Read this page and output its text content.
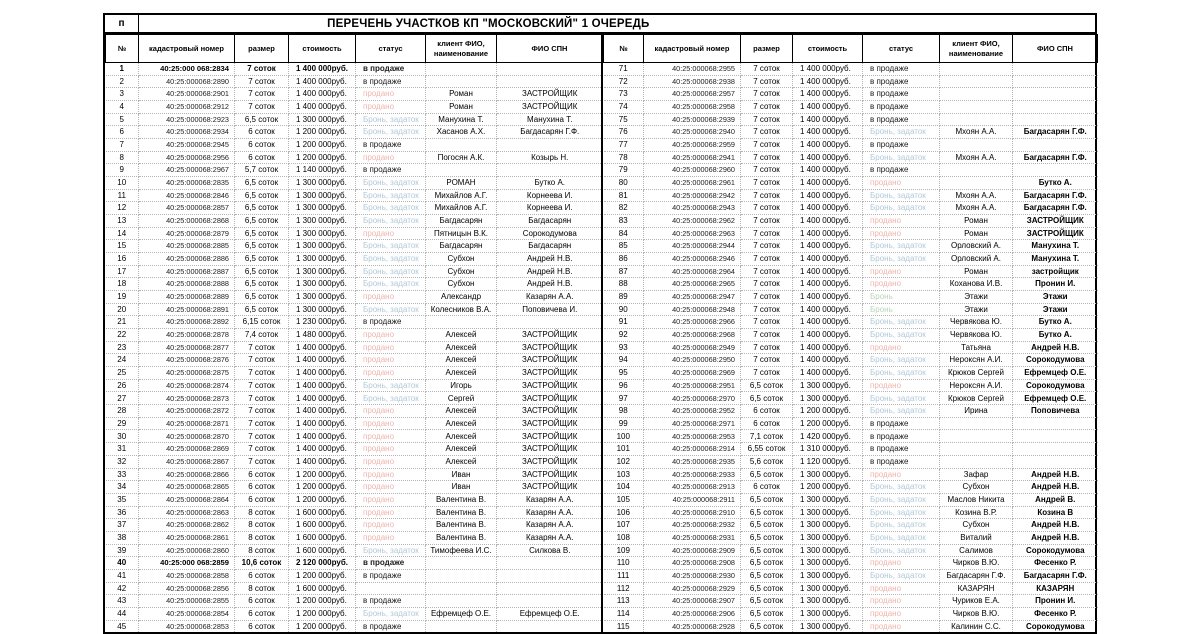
п	ПЕРЕЧЕНЬ УЧАСТКОВ КП "МОСКОВСКИЙ" 1 ОЧЕРЕДЬ
№	кадастровый номер	размер	стоимость	статус	клиент ФИО, наименование	ФИО СПН
1	40:25:000 068:2834	7 соток	1 400 000руб.	в продаже		
2	40:25:000068:2890	7 соток	1 400 000руб.	в продаже		
3	40:25:000068:2901	7 соток	1 400 000руб.	продано	Роман	ЗАСТРОЙЩИК
4	40:25:000068:2912	7 соток	1 400 000руб.	продано	Роман	ЗАСТРОЙЩИК
5	40:25:000068:2923	6,5 соток	1 300 000руб.	Бронь, задаток	Манухина Т.	Манухина Т.
6	40:25:000068:2934	6 соток	1 200 000руб.	Бронь, задаток	Хасанов А.Х.	Багдасарян Г.Ф.
7	40:25:000068:2945	6 соток	1 200 000руб.	в продаже		
8	40:25:000068:2956	6 соток	1 200 000руб.	продано	Погосян А.К.	Козырь Н.
9	40:25:000068:2967	5,7 соток	1 140 000руб.	в продаже		
10	40:25:000068:2835	6,5 соток	1 300 000руб.	Бронь, задаток	РОМАН	Бутко А.
11	40:25:000068:2846	6,5 соток	1 300 000руб.	Бронь, задаток	Михайлов А.Г.	Корнеева И.
12	40:25:000068:2857	6,5 соток	1 300 000руб.	Бронь, задаток	Михайлов А.Г.	Корнеева И.
13	40:25:000068:2868	6,5 соток	1 300 000руб.	Бронь, задаток	Багдасарян	Багдасарян
14	40:25:000068:2879	6,5 соток	1 300 000руб.	продано	Пятницын В.К.	Сорокодумова
15	40:25:000068:2885	6,5 соток	1 300 000руб.	Бронь, задаток	Багдасарян	Багдасарян
16	40:25:000068:2886	6,5 соток	1 300 000руб.	Бронь, задаток	Субхон	Андрей Н.В.
17	40:25:000068:2887	6,5 соток	1 300 000руб.	Бронь, задаток	Субхон	Андрей Н.В.
18	40:25:000068:2888	6,5 соток	1 300 000руб.	Бронь, задаток	Субхон	Андрей Н.В.
19	40:25:000068:2889	6,5 соток	1 300 000руб.	продано	Александр	Казарян А.А.
20	40:25:000068:2891	6,5 соток	1 300 000руб.	Бронь, задаток	Колесников В.А.	Поповичева И.
21	40:25:000068:2892	6,15 соток	1 230 000руб.	в продаже		
22	40:25:000068:2878	7,4 соток	1 480 000руб.	продано	Алексей	ЗАСТРОЙЩИК
23	40:25:000068:2877	7 соток	1 400 000руб.	продано	Алексей	ЗАСТРОЙЩИК
24	40:25:000068:2876	7 соток	1 400 000руб.	продано	Алексей	ЗАСТРОЙЩИК
25	40:25:000068:2875	7 соток	1 400 000руб.	продано	Алексей	ЗАСТРОЙЩИК
26	40:25:000068:2874	7 соток	1 400 000руб.	Бронь, задаток	Игорь	ЗАСТРОЙЩИК
27	40:25:000068:2873	7 соток	1 400 000руб.	Бронь, задаток	Сергей	ЗАСТРОЙЩИК
28	40:25:000068:2872	7 соток	1 400 000руб.	продано	Алексей	ЗАСТРОЙЩИК
29	40:25:000068:2871	7 соток	1 400 000руб.	продано	Алексей	ЗАСТРОЙЩИК
30	40:25:000068:2870	7 соток	1 400 000руб.	продано	Алексей	ЗАСТРОЙЩИК
31	40:25:000068:2869	7 соток	1 400 000руб.	продано	Алексей	ЗАСТРОЙЩИК
32	40:25:000068:2867	7 соток	1 400 000руб.	продано	Алексей	ЗАСТРОЙЩИК
33	40:25:000068:2866	6 соток	1 200 000руб.	продано	Иван	ЗАСТРОЙЩИК
34	40:25:000068:2865	6 соток	1 200 000руб.	продано	Иван	ЗАСТРОЙЩИК
35	40:25:000068:2864	6 соток	1 200 000руб.	продано	Валентина В.	Казарян А.А.
36	40:25:000068:2863	8 соток	1 600 000руб.	продано	Валентина В.	Казарян А.А.
37	40:25:000068:2862	8 соток	1 600 000руб.	продано	Валентина В.	Казарян А.А.
38	40:25:000068:2861	8 соток	1 600 000руб.	продано	Валентина В.	Казарян А.А.
39	40:25:000068:2860	8 соток	1 600 000руб.	Бронь, задаток	Тимофеева И.С.	Силкова В.
40	40:25:000 068:2859	10,6 соток	2 120 000руб.	в продаже		
41	40:25:000068:2858	6 соток	1 200 000руб.	в продаже		
42	40:25:000068:2856	8 соток	1 600 000руб.			
43	40:25:000068:2855	6 соток	1 200 000руб.	в продаже		
44	40:25:000068:2854	6 соток	1 200 000руб.	Бронь, задаток	Ефремцеф О.Е.	Ефремцеф О.Е.
45	40:25:000068:2853	6 соток	1 200 000руб.	в продаже		
№	кадастровый номер	размер	стоимость	статус	клиент ФИО, наименование	ФИО СПН
71	40:25:000068:2955	7 соток	1 400 000руб.	в продаже		
72	40:25:000068:2938	7 соток	1 400 000руб.	в продаже		
73	40:25:000068:2957	7 соток	1 400 000руб.	в продаже		
74	40:25:000068:2958	7 соток	1 400 000руб.	в продаже		
75	40:25:000068:2939	7 соток	1 400 000руб.	в продаже		
76	40:25:000068:2940	7 соток	1 400 000руб.	Бронь, задаток	Мхоян А.А.	Багдасарян Г.Ф.
77	40:25:000068:2959	7 соток	1 400 000руб.	в продаже		
78	40:25:000068:2941	7 соток	1 400 000руб.	Бронь, задаток	Мхоян А.А.	Багдасарян Г.Ф.
79	40:25:000068:2960	7 соток	1 400 000руб.	в продаже		
80	40:25:000068:2961	7 соток	1 400 000руб.	продано		Бутко А.
81	40:25:000068:2942	7 соток	1 400 000руб.	Бронь, задаток	Мхоян А.А.	Багдасарян Г.Ф.
82	40:25:000068:2943	7 соток	1 400 000руб.	Бронь, задаток	Мхоян А.А.	Багдасарян Г.Ф.
83	40:25:000068:2962	7 соток	1 400 000руб.	продано	Роман	ЗАСТРОЙЩИК
84	40:25:000068:2963	7 соток	1 400 000руб.	продано	Роман	ЗАСТРОЙЩИК
85	40:25:000068:2944	7 соток	1 400 000руб.	Бронь, задаток	Орловский А.	Манухина Т.
86	40:25:000068:2946	7 соток	1 400 000руб.	Бронь, задаток	Орловский А.	Манухина Т.
87	40:25:000068:2964	7 соток	1 400 000руб.	продано	Роман	застройщик
88	40:25:000068:2965	7 соток	1 400 000руб.	продано	Коханова И.В.	Пронин И.
89	40:25:000068:2947	7 соток	1 400 000руб.	Бронь	Этажи	Этажи
90	40:25:000068:2948	7 соток	1 400 000руб.	Бронь	Этажи	Этажи
91	40:25:000068:2966	7 соток	1 400 000руб.	Бронь, задаток	Червякова Ю.	Бутко А.
92	40:25:000068:2968	7 соток	1 400 000руб.	Бронь, задаток	Червякова Ю.	Бутко А.
93	40:25:000068:2949	7 соток	1 400 000руб.	продано	Татьяна	Андрей Н.В.
94	40:25:000068:2950	7 соток	1 400 000руб.	Бронь, задаток	Нероксян А.И.	Сорокодумова
95	40:25:000068:2969	7 соток	1 400 000руб.	Бронь, задаток	Крюков Сергей	Ефремцеф О.Е.
96	40:25:000068:2951	6,5 соток	1 300 000руб.	продано	Нероксян А.И.	Сорокодумова
97	40:25:000068:2970	6,5 соток	1 300 000руб.	Бронь, задаток	Крюков Сергей	Ефремцеф О.Е.
98	40:25:000068:2952	6 соток	1 200 000руб.	Бронь, задаток	Ирина	Поповичева
99	40:25:000068:2971	6 соток	1 200 000руб.	в продаже		
100	40:25:000068:2953	7,1 соток	1 420 000руб.	в продаже		
101	40:25:000068:2914	6,55 соток	1 310 000руб.	в продаже		
102	40:25:000068:2935	5,6 соток	1 120 000руб.	в продаже		
103	40:25:000068:2933	6,5 соток	1 300 000руб.	продано	Зафар	Андрей Н.В.
104	40:25:000068:2913	6 соток	1 200 000руб.	Бронь, задаток	Субхон	Андрей Н.В.
105	40:25:000068:2911	6,5 соток	1 300 000руб.	Бронь, задаток	Маслов Никита	Андрей В.
106	40:25:000068:2910	6,5 соток	1 300 000руб.	Бронь, задаток	Козина В.Р.	Козина В
107	40:25:000068:2932	6,5 соток	1 300 000руб.	Бронь, задаток	Субхон	Андрей Н.В.
108	40:25:000068:2931	6,5 соток	1 300 000руб.	Бронь, задаток	Виталий	Андрей Н.В.
109	40:25:000068:2909	6,5 соток	1 300 000руб.	Бронь, задаток	Салимов	Сорокодумова
110	40:25:000068:2908	6,5 соток	1 300 000руб.	продано	Чирков В.Ю.	Фесенко Р.
111	40:25:000068:2930	6,5 соток	1 300 000руб.	Бронь, задаток	Багдасарян Г.Ф.	Багдасарян Г.Ф.
112	40:25:000068:2929	6,5 соток	1 300 000руб.	продано	КАЗАРЯН	КАЗАРЯН
113	40:25:000068:2907	6,5 соток	1 300 000руб.	продано	Чуриков Е.А.	Пронин И.
114	40:25:000068:2906	6,5 соток	1 300 000руб.	продано	Чирков В.Ю.	Фесенко Р.
115	40:25:000068:2928	6,5 соток	1 300 000руб.	продано	Калинин С.С.	Сорокодумова
